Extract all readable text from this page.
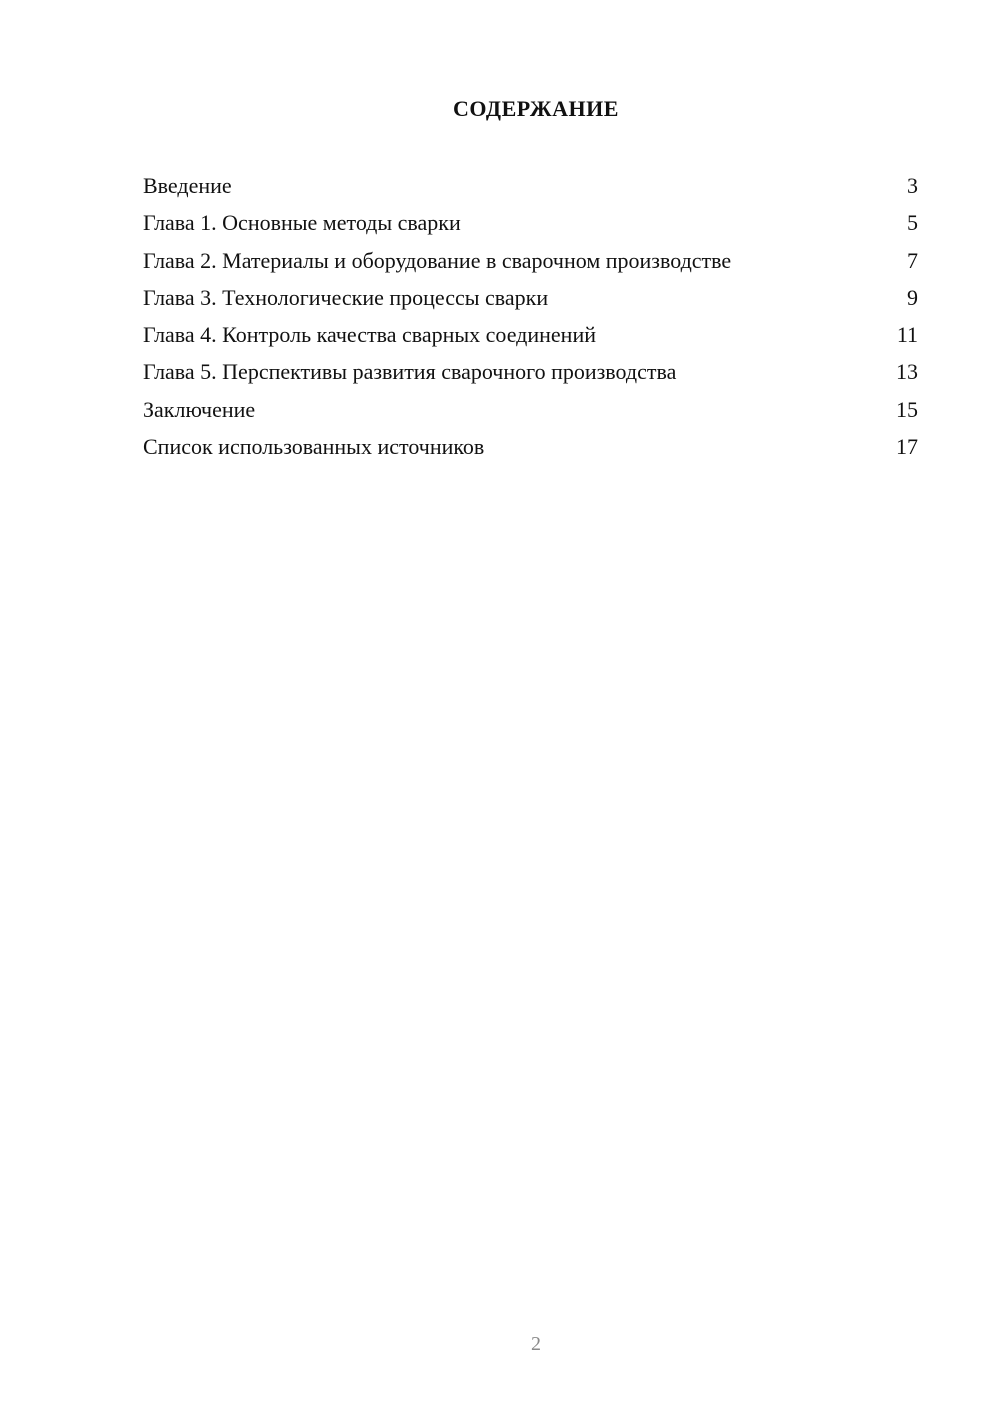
СОДЕРЖАНИЕ
Введение	3
Глава 1. Основные методы сварки	5
Глава 2. Материалы и оборудование в сварочном производстве	7
Глава 3. Технологические процессы сварки	9
Глава 4. Контроль качества сварных соединений	11
Глава 5. Перспективы развития сварочного производства	13
Заключение	15
Список использованных источников	17
2
